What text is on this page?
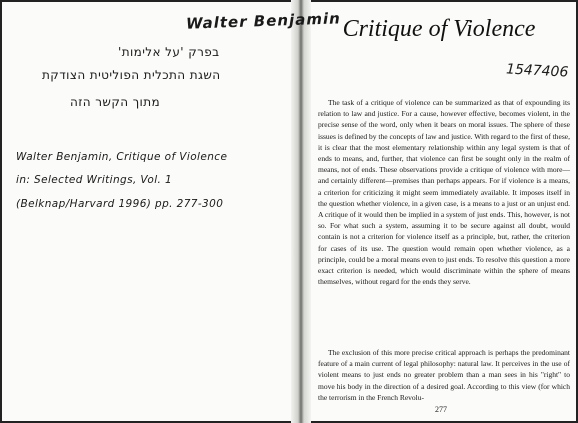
Walter Benjamin
בפרק 'על אלימות'
השגת התכלית הפוליטית הצודקת
מתוך הקשר הזה
Walter Benjamin, Critique of Violence
in: Selected Writings, Vol. 1
(Belknap/Harvard 1996) pp. 277-300
Critique of Violence
1547406
The task of a critique of violence can be summarized as that of expounding its relation to law and justice. For a cause, however effective, becomes violent, in the precise sense of the word, only when it bears on moral issues. The sphere of these issues is defined by the concepts of law and justice. With regard to the first of these, it is clear that the most elementary relationship within any legal system is that of ends to means, and, further, that violence can first be sought only in the realm of means, not of ends. These observations provide a critique of violence with more—and certainly different—premises than perhaps appears. For if violence is a means, a criterion for criticizing it might seem immediately available. It imposes itself in the question whether violence, in a given case, is a means to a just or an unjust end. A critique of it would then be implied in a system of just ends. This, however, is not so. For what such a system, assuming it to be secure against all doubt, would contain is not a criterion for violence itself as a principle, but, rather, the criterion for cases of its use. The question would remain open whether violence, as a principle, could be a moral means even to just ends. To resolve this question a more exact criterion is needed, which would discriminate within the sphere of means themselves, without regard for the ends they serve.
The exclusion of this more precise critical approach is perhaps the predominant feature of a main current of legal philosophy: natural law. It perceives in the use of violent means to just ends no greater problem than a man sees in his "right" to move his body in the direction of a desired goal. According to this view (for which the terrorism in the French Revolu-
277
